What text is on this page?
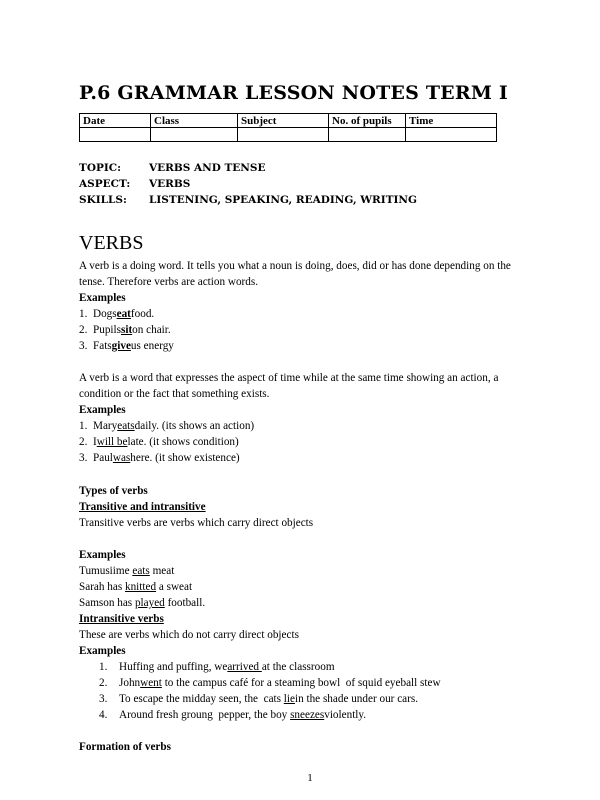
P.6 GRAMMAR LESSON NOTES TERM I
Date	Class	Subject	No. of pupils	Time

TOPIC:	VERBS AND TENSE
ASPECT:	VERBS
SKILLS:	LISTENING, SPEAKING, READING, WRITING
VERBS
A verb is a doing word. It tells you what a noun is doing, does, did or has done depending on the
tense. Therefore verbs are action words.
Examples
1. Dogs eat food.
2. Pupils sit on chair.
3. Fats give us energy
A verb is a word that expresses the aspect of time while at the same time showing an action, a
condition or the fact that something exists.
Examples
1. Mary eats daily. (its shows an action)
2. I will be late. (it shows condition)
3. Paul was here. (it show existence)
Types of verbs
Transitive and intransitive
Transitive verbs are verbs which carry direct objects
Examples
Tumusiime eats meat
Sarah has knitted a sweat
Samson has played football.
Intransitive verbs
These are verbs which do not carry direct objects
Examples
1.	Huffing and puffing, we arrived at the classroom
2.	John went to the campus café for a steaming bowl  of squid eyeball stew
3.	To escape the midday seen, the  cats lie in the shade under our cars.
4.	Around fresh groung  pepper, the boy sneezes violently.
Formation of verbs
1
